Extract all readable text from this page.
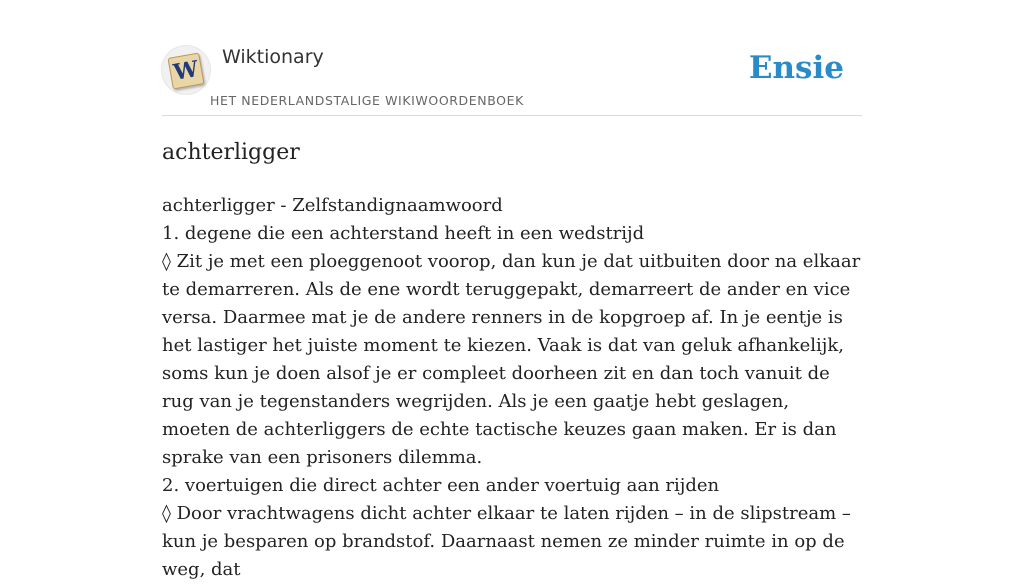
W Wiktionary
HET NEDERLANDSTALIGE WIKIWOORDENBOEK
Ensie
achterligger

achterligger - Zelfstandignaamwoord

1. degene die een achterstand heeft in een wedstrijd

◊ Zit je met een ploeggenoot voorop, dan kun je dat uitbuiten door na elkaar te demarreren. Als de ene wordt teruggepakt, demarreert de ander en vice versa. Daarmee mat je de andere renners in de kopgroep af. In je eentje is het lastiger het juiste moment te kiezen. Vaak is dat van geluk afhankelijk, soms kun je doen alsof je er compleet doorheen zit en dan toch vanuit de rug van je tegenstanders wegrijden. Als je een gaatje hebt geslagen, moeten de achterliggers de echte tactische keuzes gaan maken. Er is dan sprake van een prisoners dilemma.

2. voertuigen die direct achter een ander voertuig aan rijden

◊ Door vrachtwagens dicht achter elkaar te laten rijden – in de slipstream – kun je besparen op brandstof. Daarnaast nemen ze minder ruimte in op de weg, dat
